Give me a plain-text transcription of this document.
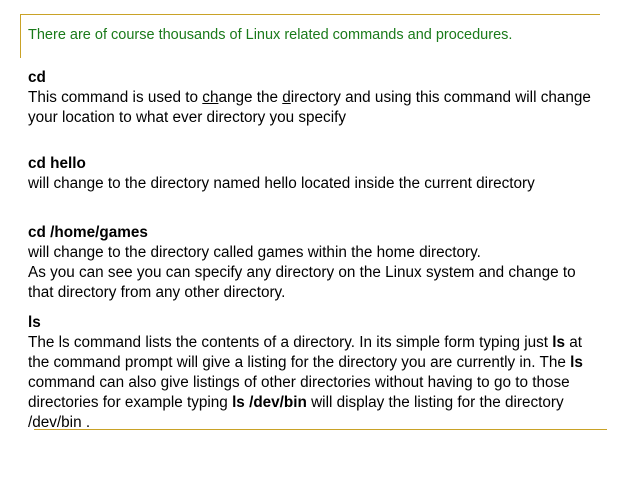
There are of course thousands of Linux related commands and procedures.
cd
This command is used to change the directory and using this command will change
your location to what ever directory you specify
cd hello
will change to the directory named hello located inside the current directory
cd /home/games
will change to the directory called games within the home directory.
As you can see you can specify any directory on the Linux system and change to
that directory from any other directory.
ls
The ls command lists the contents of a directory. In its simple form typing just ls at
the command prompt will give a listing for the directory you are currently in. The ls
command can also give listings of other directories without having to go to those
directories for example typing ls /dev/bin will display the listing for the directory
/dev/bin .
